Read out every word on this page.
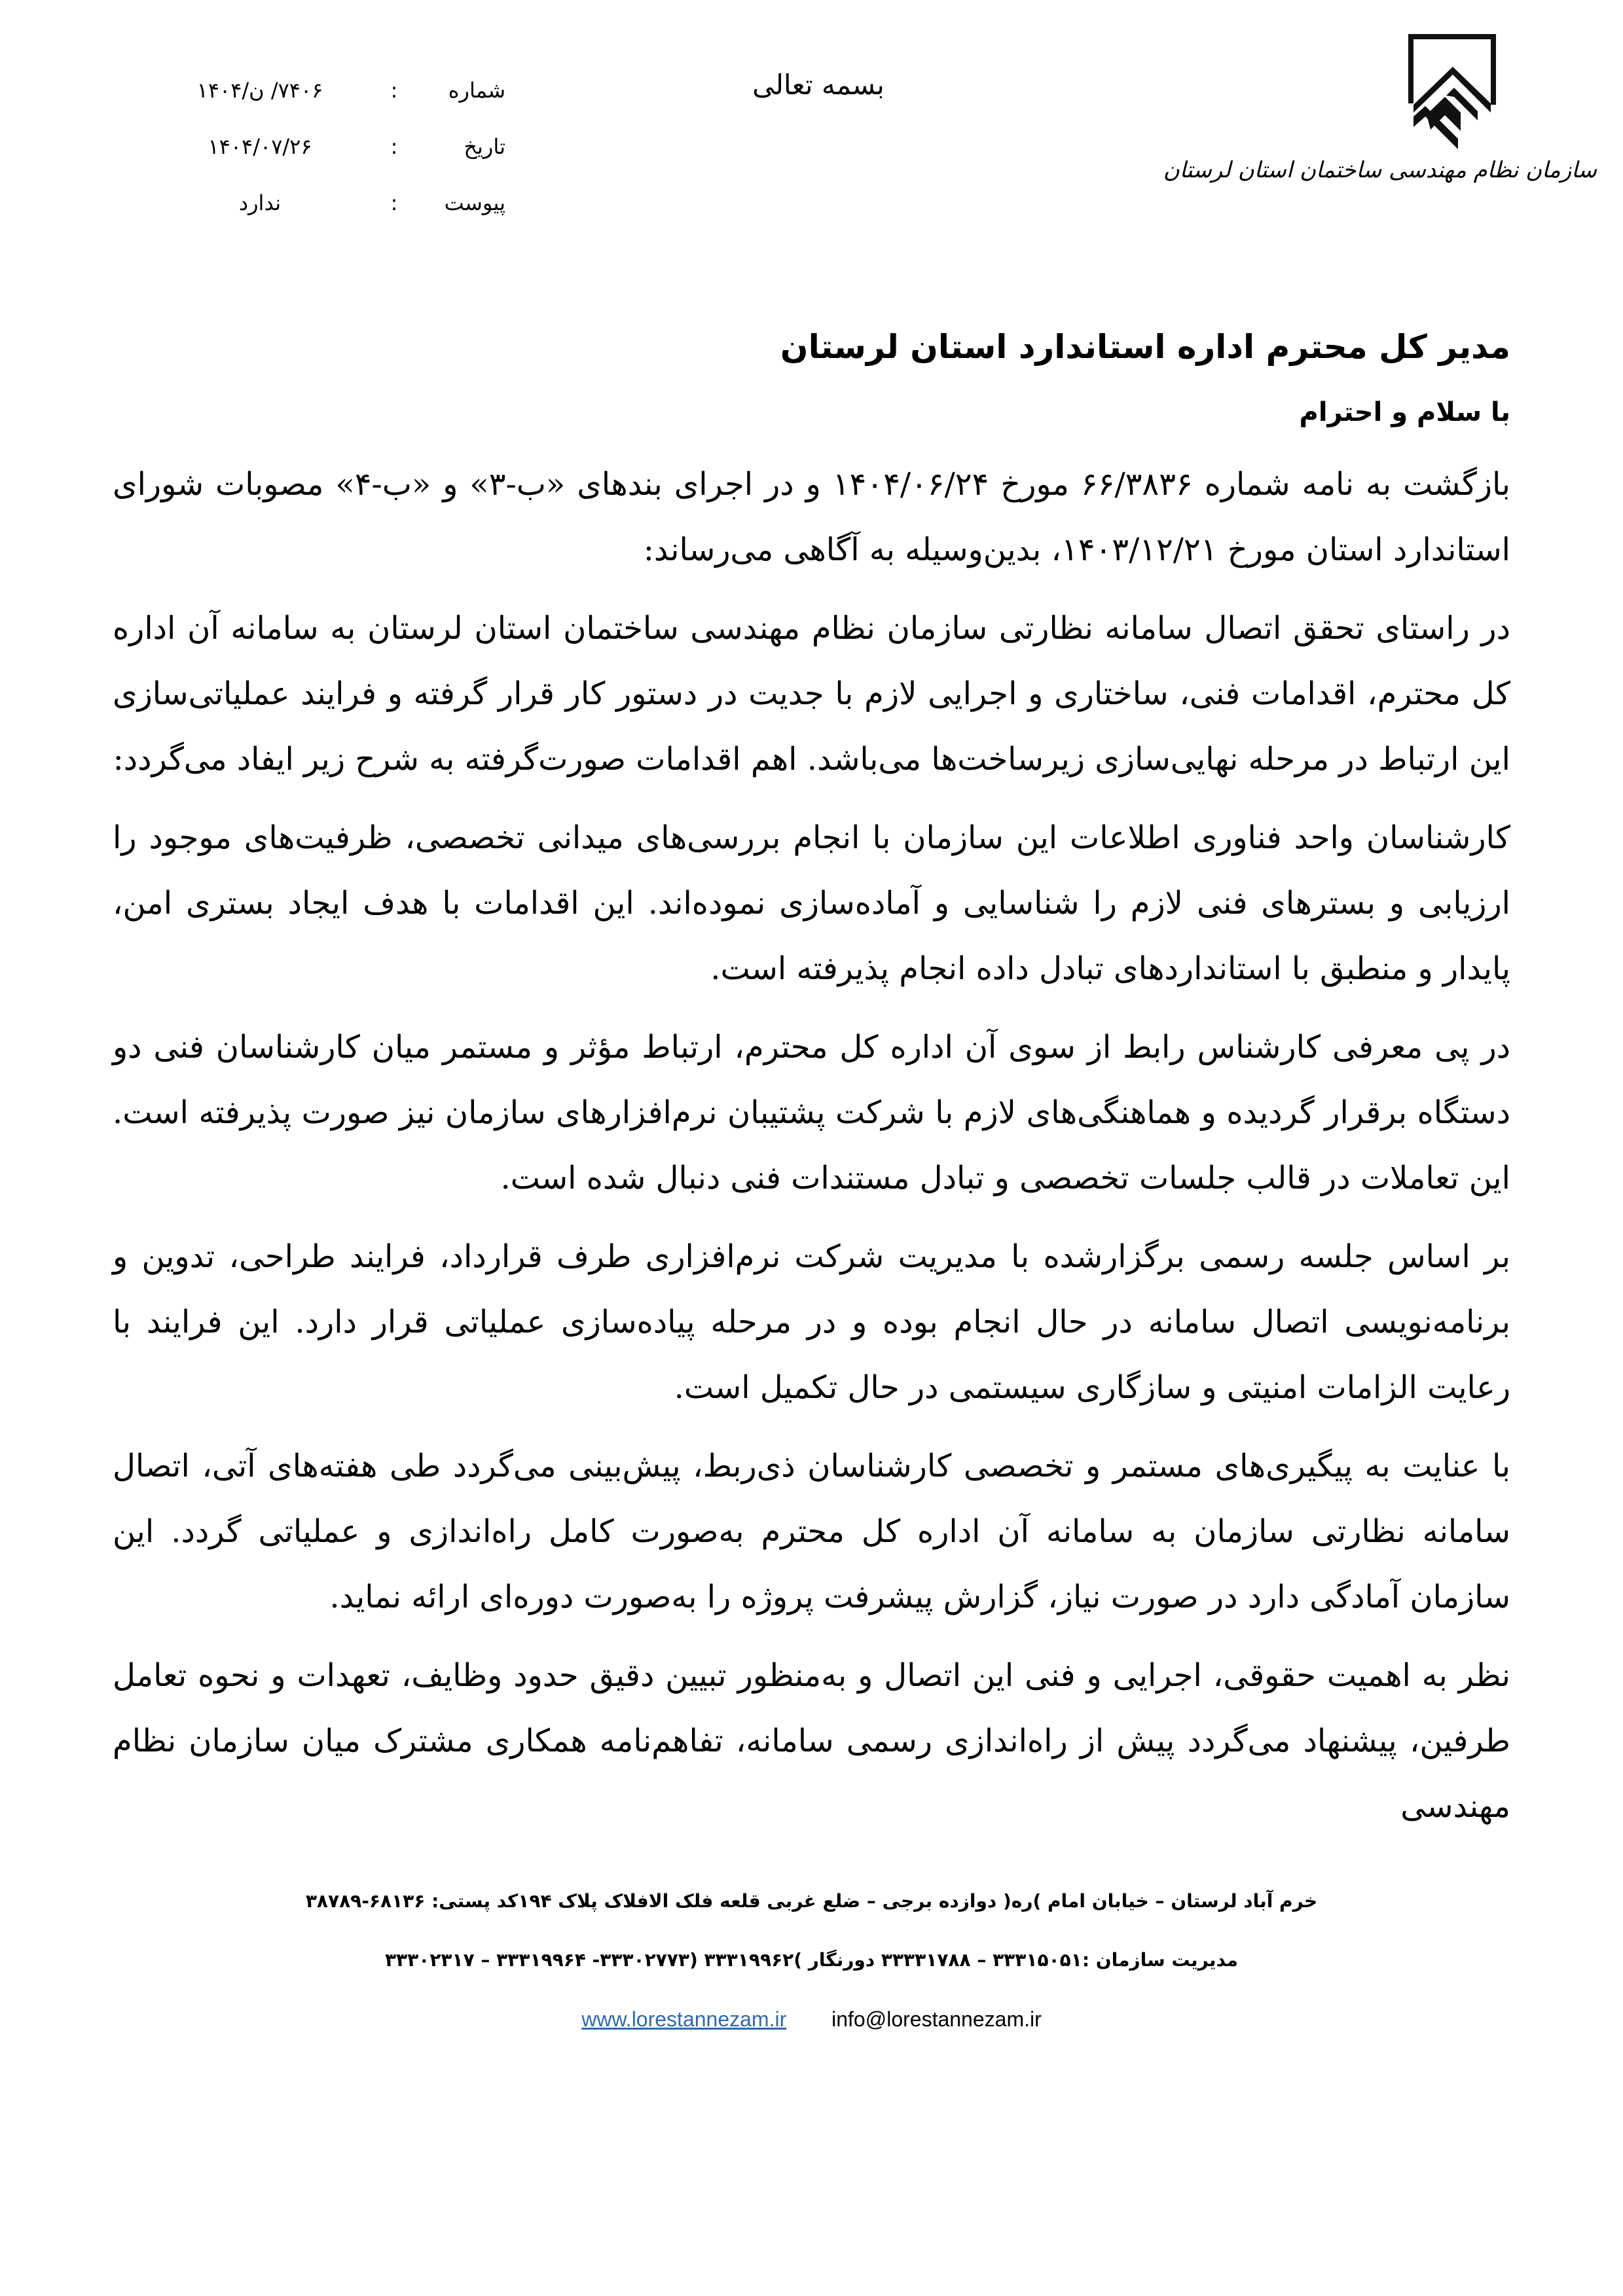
سازمان نظام مهندسی ساختمان استان لرستان
بسمه تعالی
شماره
:
۷۴۰۶/ ن/۱۴۰۴
تاریخ
:
۱۴۰۴/۰۷/۲۶
پیوست
:
ندارد
مدیر کل محترم اداره استاندارد استان لرستان
با سلام و احترام

بازگشت به نامه شماره ۶۶/۳۸۳۶ مورخ ۱۴۰۴/۰۶/۲۴ و در اجرای بندهای «ب-۳» و «ب-۴» مصوبات شورای استاندارد استان مورخ ۱۴۰۳/۱۲/۲۱، بدین‌وسیله به آگاهی می‌رساند:

در راستای تحقق اتصال سامانه نظارتی سازمان نظام مهندسی ساختمان استان لرستان به سامانه آن اداره کل محترم، اقدامات فنی، ساختاری و اجرایی لازم با جدیت در دستور کار قرار گرفته و فرایند عملیاتی‌سازی این ارتباط در مرحله نهایی‌سازی زیرساخت‌ها می‌باشد. اهم اقدامات صورت‌گرفته به شرح زیر ایفاد می‌گردد:

کارشناسان واحد فناوری اطلاعات این سازمان با انجام بررسی‌های میدانی تخصصی، ظرفیت‌های موجود را ارزیابی و بسترهای فنی لازم را شناسایی و آماده‌سازی نموده‌اند. این اقدامات با هدف ایجاد بستری امن، پایدار و منطبق با استانداردهای تبادل داده انجام پذیرفته است.

در پی معرفی کارشناس رابط از سوی آن اداره کل محترم، ارتباط مؤثر و مستمر میان کارشناسان فنی دو دستگاه برقرار گردیده و هماهنگی‌های لازم با شرکت پشتیبان نرم‌افزارهای سازمان نیز صورت پذیرفته است. این تعاملات در قالب جلسات تخصصی و تبادل مستندات فنی دنبال شده است.

بر اساس جلسه رسمی برگزارشده با مدیریت شرکت نرم‌افزاری طرف قرارداد، فرایند طراحی، تدوین و برنامه‌نویسی اتصال سامانه در حال انجام بوده و در مرحله پیاده‌سازی عملیاتی قرار دارد. این فرایند با رعایت الزامات امنیتی و سازگاری سیستمی در حال تکمیل است.

با عنایت به پیگیری‌های مستمر و تخصصی کارشناسان ذی‌ربط، پیش‌بینی می‌گردد طی هفته‌های آتی، اتصال سامانه نظارتی سازمان به سامانه آن اداره کل محترم به‌صورت کامل راه‌اندازی و عملیاتی گردد. این سازمان آمادگی دارد در صورت نیاز، گزارش پیشرفت پروژه را به‌صورت دوره‌ای ارائه نماید.

نظر به اهمیت حقوقی، اجرایی و فنی این اتصال و به‌منظور تبیین دقیق حدود وظایف، تعهدات و نحوه تعامل طرفین، پیشنهاد می‌گردد پیش از راه‌اندازی رسمی سامانه، تفاهم‌نامه همکاری مشترک میان سازمان نظام مهندسی

خرم آباد لرستان – خیابان امام )ره( دوازده برجی – ضلع غربی قلعه فلک الافلاک پلاک ۱۹۴کد پستی: ۶۸۱۳۶-۳۸۷۸۹
مدیریت سازمان :۳۳۳۱۵۰۵۱ – ۳۳۳۳۱۷۸۸ دورنگار )۳۳۳۱۹۹۶۲ (۳۳۳۰۲۷۷۳- ۳۳۳۱۹۹۶۴ – ۳۳۳۰۲۳۱۷
www.lorestannezam.ir info@lorestannezam.ir
